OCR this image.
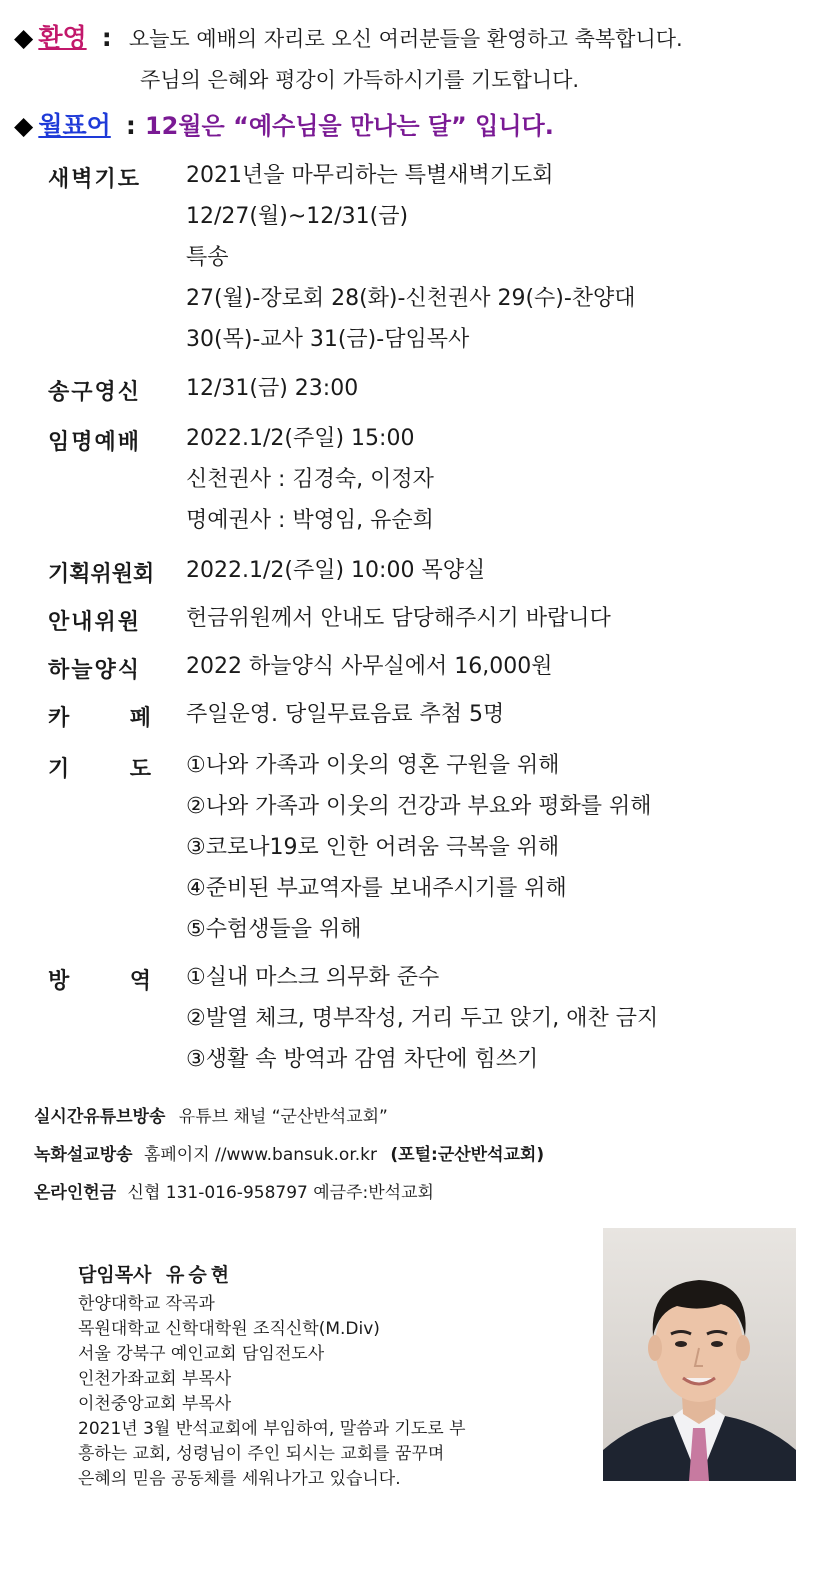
◆ 환영 : 오늘도 예배의 자리로 오신 여러분들을 환영하고 축복합니다.
주님의 은혜와 평강이 가득하시기를 기도합니다.
◆ 월표어 : 12월은 “예수님을 만나는 달” 입니다.
새벽기도	2021년을 마무리하는 특별새벽기도회
12/27(월)~12/31(금)
특송
27(월)-장로회 28(화)-신천권사 29(수)-찬양대
30(목)-교사 31(금)-담임목사
송구영신	12/31(금) 23:00
임명예배	2022.1/2(주일) 15:00
신천권사 : 김경숙, 이정자
명예권사 : 박영임, 유순희
기획위원회	2022.1/2(주일) 10:00 목양실
안내위원	헌금위원께서 안내도 담당해주시기 바랍니다
하늘양식	2022 하늘양식 사무실에서 16,000원
카	페 주일운영. 당일무료음료 추첨 5명
기	도 ①나와 가족과 이웃의 영혼 구원을 위해
②나와 가족과 이웃의 건강과 부요와 평화를 위해
③코로나19로 인한 어려움 극복을 위해
④준비된 부교역자를 보내주시기를 위해
⑤수험생들을 위해
방	역 ①실내 마스크 의무화 준수
②발열 체크, 명부작성, 거리 두고 앉기, 애찬 금지
③생활 속 방역과 감염 차단에 힘쓰기
실시간유튜브방송 유튜브 채널 “군산반석교회”
녹화설교방송 홈페이지 //www.bansuk.or.kr (포털:군산반석교회)
온라인헌금 신협 131-016-958797 예금주:반석교회
담임목사 유승현
한양대학교 작곡과
목원대학교 신학대학원 조직신학(M.Div)
서울 강북구 예인교회 담임전도사
인천가좌교회 부목사
이천중앙교회 부목사
2021년 3월 반석교회에 부임하여, 말씀과 기도로 부
흥하는 교회, 성령님이 주인 되시는 교회를 꿈꾸며
은혜의 믿음 공동체를 세워나가고 있습니다.
